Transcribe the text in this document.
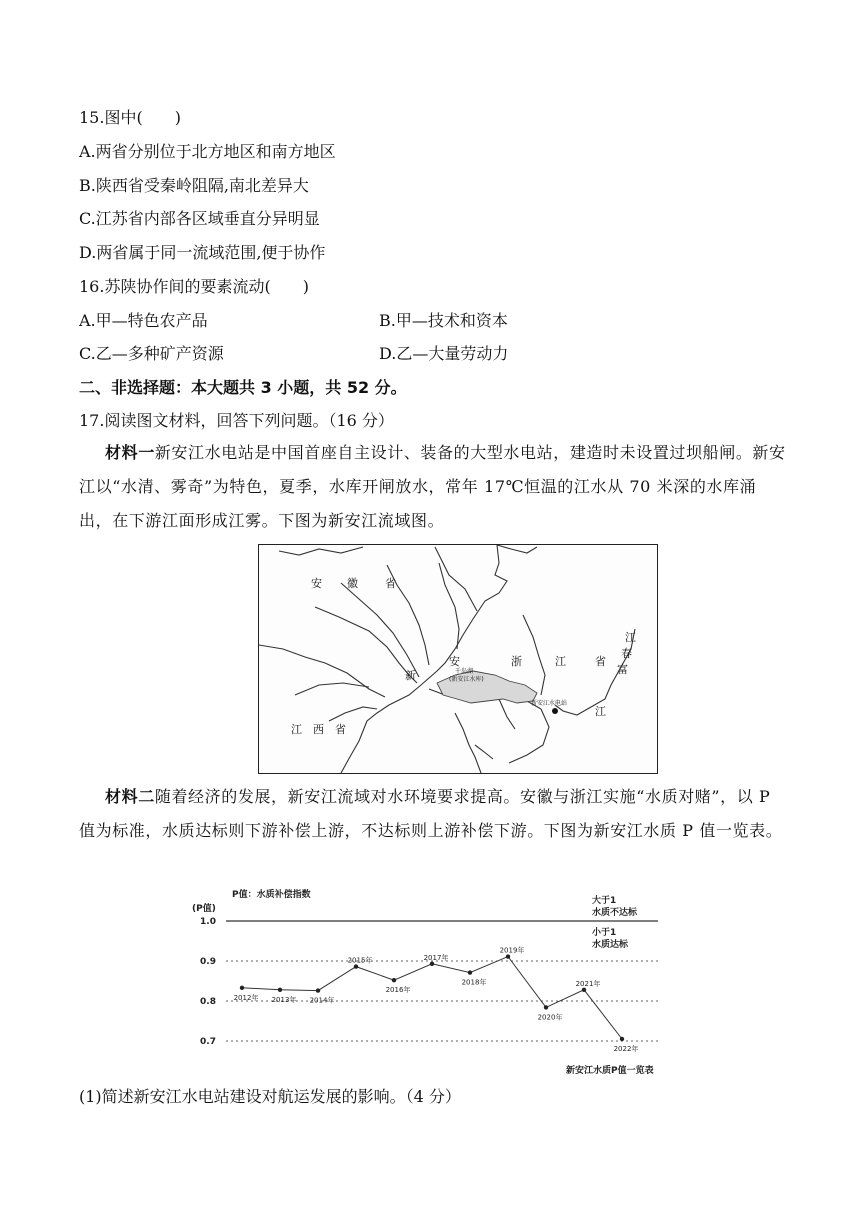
15.图中(　　)
A.两省分别位于北方地区和南方地区
B.陕西省受秦岭阻隔,南北差异大
C.江苏省内部各区域垂直分异明显
D.两省属于同一流域范围,便于协作
16.苏陕协作间的要素流动(　　)
A.甲—特色农产品	B.甲—技术和资本
C.乙—多种矿产资源	D.乙—大量劳动力
二、非选择题：本大题共 3 小题，共 52 分。
17.阅读图文材料，回答下列问题。（16 分）
材料一新安江水电站是中国首座自主设计、装备的大型水电站，建造时未设置过坝船闸。新安江以“水清、雾奇”为特色，夏季，水库开闸放水，常年 17℃恒温的江水从 70 米深的水库涌出，在下游江面形成江雾。下图为新安江流域图。
安 徽 省
江　西　省
浙	江	省
新
安
江
江
春
富
千岛湖
(新安江水库)
新安江水电站
材料二随着经济的发展，新安江流域对水环境要求提高。安徽与浙江实施“水质对赌”，以 P 值为标准，水质达标则下游补偿上游，不达标则上游补偿下游。下图为新安江水质 P 值一览表。
P值：水质补偿指数
(P值)
大于1
水质不达标
小于1
水质达标
新安江水质P值一览表
1.0
0.9
0.8
0.7
2012年 2013年 2014年
2015年
2016年
2017年
2018年
2019年
2020年
2021年
2022年
(1)简述新安江水电站建设对航运发展的影响。（4 分）
